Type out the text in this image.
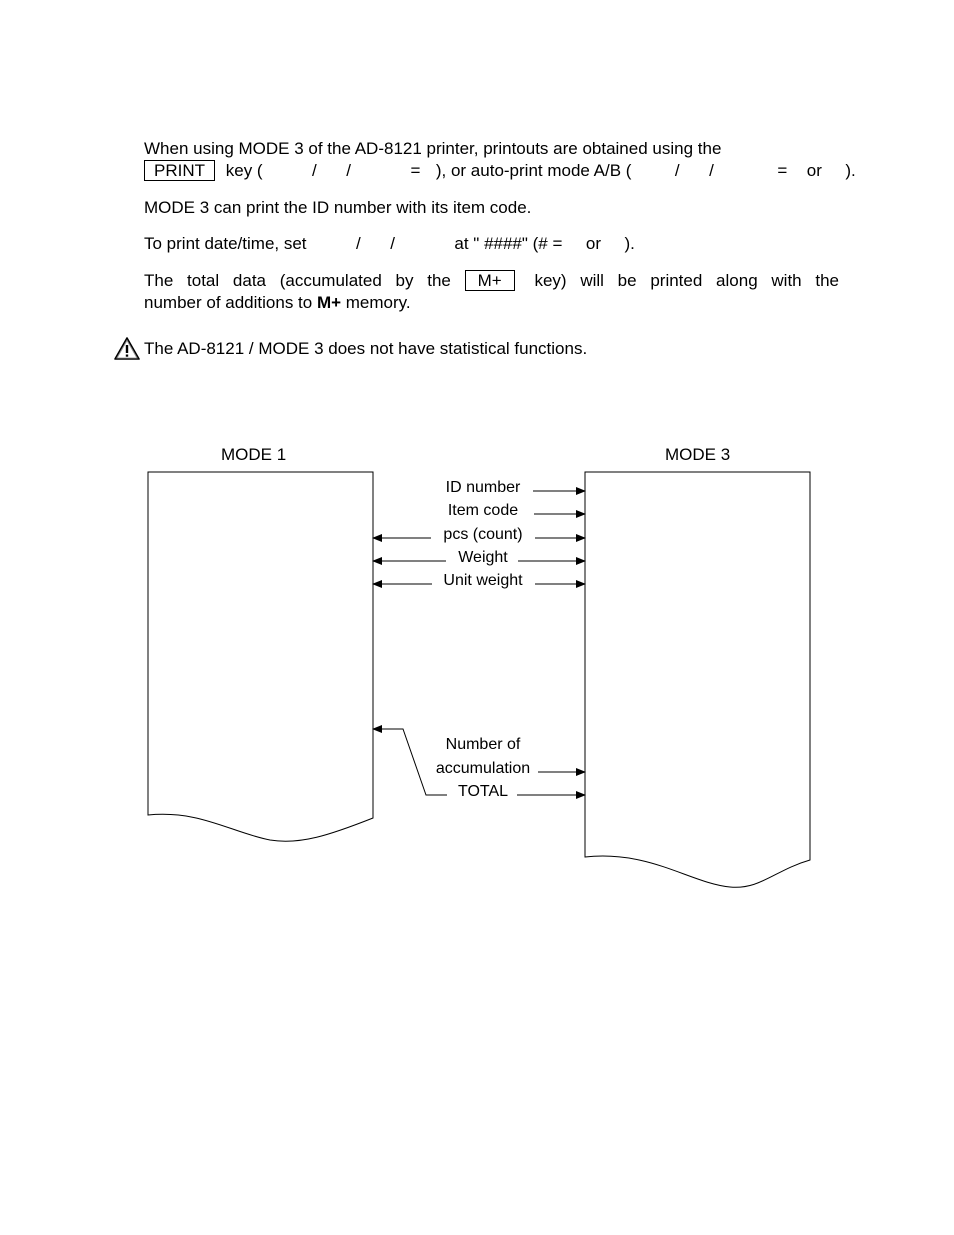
When using MODE 3 of the AD-8121 printer, printouts are obtained using the
PRINT key (	/ /	= ), or auto-print mode A/B (	/ /	= or ).
MODE 3 can print the ID number with its item code.
To print date/time, set	/ /	at " ####" (# = or ).
The total data (accumulated by the M+ key) will be printed along with the
number of additions to M+ memory.
The AD-8121 / MODE 3 does not have statistical functions.
MODE 1	MODE 3
ID number
Item code
pcs (count)
Weight
Unit weight
Number of
accumulation
TOTAL
